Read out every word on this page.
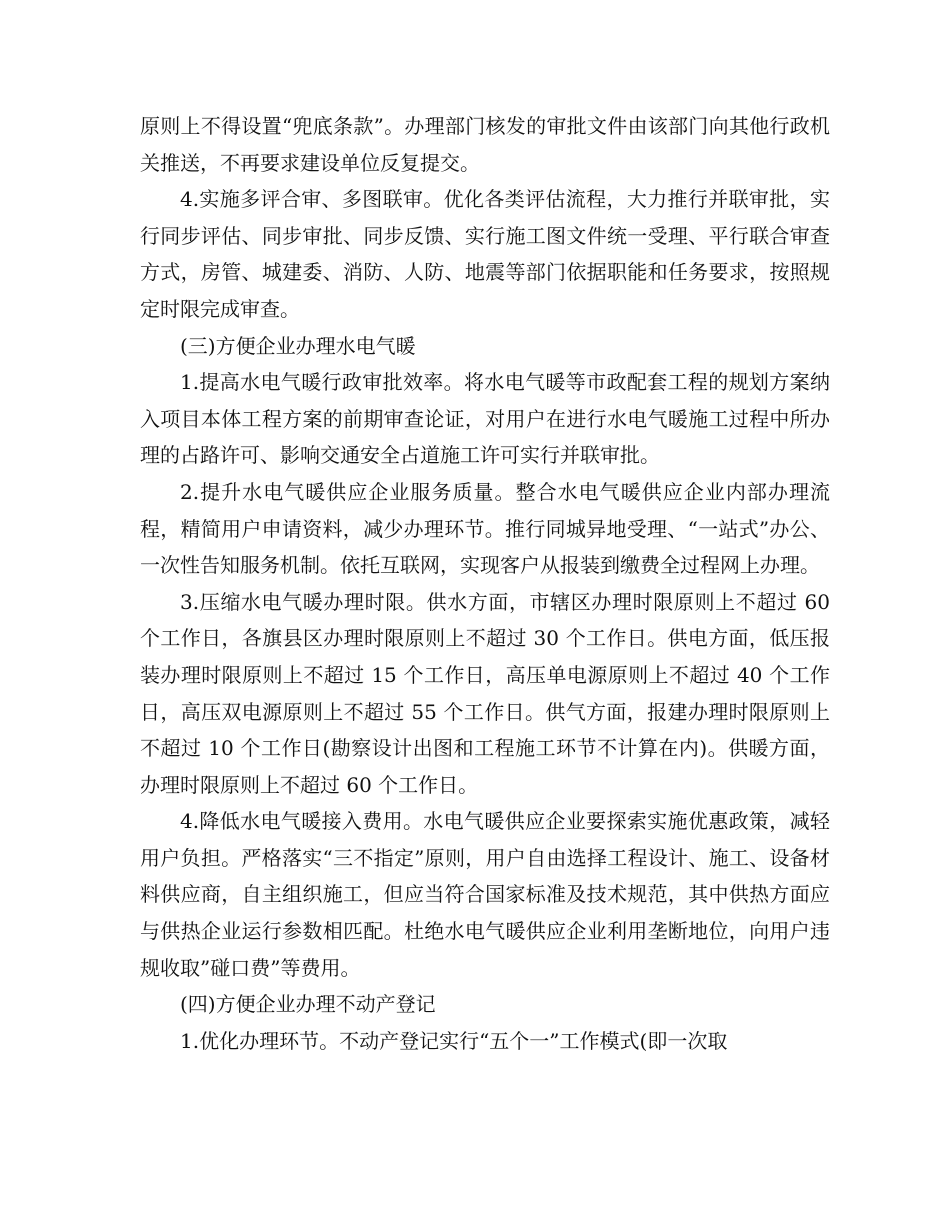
原则上不得设置“兜底条款”。办理部门核发的审批文件由该部门向其他行政机关推送，不再要求建设单位反复提交。

4.实施多评合审、多图联审。优化各类评估流程，大力推行并联审批，实行同步评估、同步审批、同步反馈、实行施工图文件统一受理、平行联合审查方式，房管、城建委、消防、人防、地震等部门依据职能和任务要求，按照规定时限完成审查。

(三)方便企业办理水电气暖

1.提高水电气暖行政审批效率。将水电气暖等市政配套工程的规划方案纳入项目本体工程方案的前期审查论证，对用户在进行水电气暖施工过程中所办理的占路许可、影响交通安全占道施工许可实行并联审批。

2.提升水电气暖供应企业服务质量。整合水电气暖供应企业内部办理流程，精简用户申请资料，减少办理环节。推行同城异地受理、“一站式”办公、一次性告知服务机制。依托互联网，实现客户从报装到缴费全过程网上办理。

3.压缩水电气暖办理时限。供水方面，市辖区办理时限原则上不超过 60 个工作日，各旗县区办理时限原则上不超过 30 个工作日。供电方面，低压报装办理时限原则上不超过 15 个工作日，高压单电源原则上不超过 40 个工作日，高压双电源原则上不超过 55 个工作日。供气方面，报建办理时限原则上不超过 10 个工作日(勘察设计出图和工程施工环节不计算在内)。供暖方面，办理时限原则上不超过 60 个工作日。

4.降低水电气暖接入费用。水电气暖供应企业要探索实施优惠政策，减轻用户负担。严格落实“三不指定”原则，用户自由选择工程设计、施工、设备材料供应商，自主组织施工，但应当符合国家标准及技术规范，其中供热方面应与供热企业运行参数相匹配。杜绝水电气暖供应企业利用垄断地位，向用户违规收取”碰口费”等费用。

(四)方便企业办理不动产登记

1.优化办理环节。不动产登记实行“五个一”工作模式(即一次取
